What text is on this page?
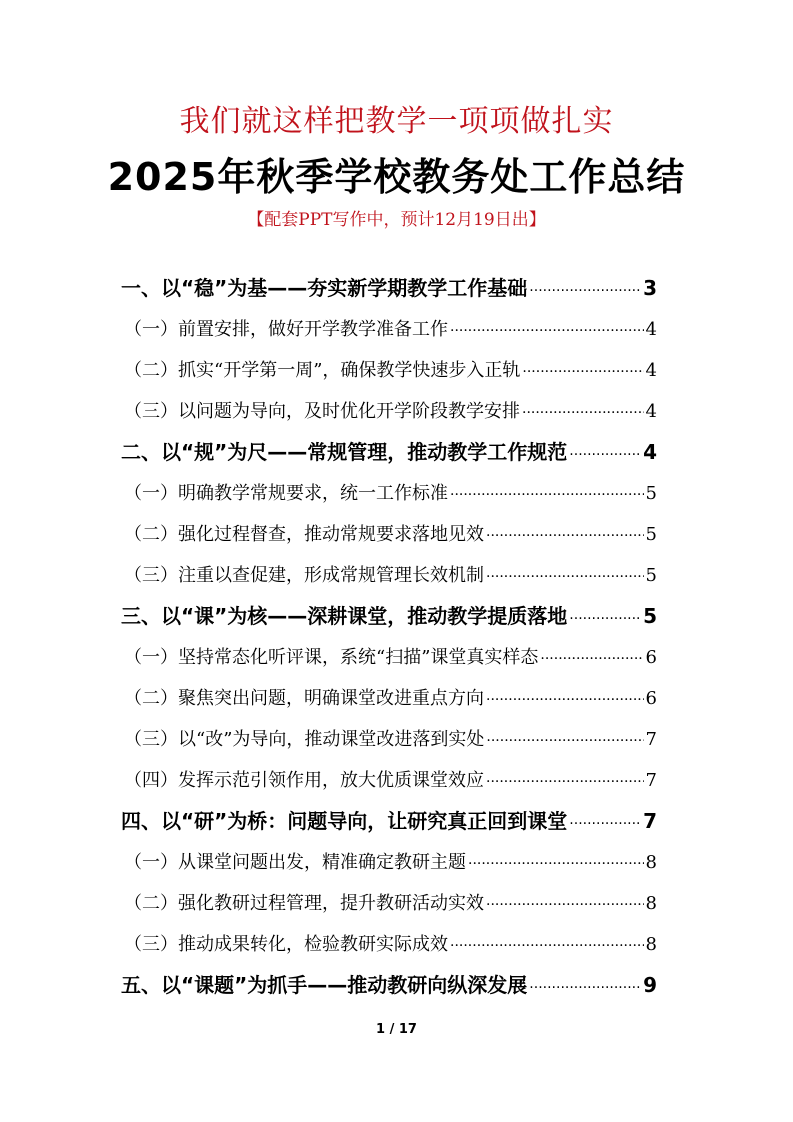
我们就这样把教学一项项做扎实
2025年秋季学校教务处工作总结
【配套PPT写作中，预计12月19日出】
一、以“稳”为基——夯实新学期教学工作基础 ·····	3
（一）前置安排，做好开学教学准备工作 ·····	4
（二）抓实“开学第一周”，确保教学快速步入正轨 ·····	4
（三）以问题为导向，及时优化开学阶段教学安排 ·····	4
二、以“规”为尺——常规管理，推动教学工作规范 ·····	4
（一）明确教学常规要求，统一工作标准 ·····	5
（二）强化过程督查，推动常规要求落地见效 ·····	5
（三）注重以查促建，形成常规管理长效机制 ·····	5
三、以“课”为核——深耕课堂，推动教学提质落地 ·····	5
（一）坚持常态化听评课，系统“扫描”课堂真实样态 ·····	6
（二）聚焦突出问题，明确课堂改进重点方向 ·····	6
（三）以“改”为导向，推动课堂改进落到实处 ·····	7
（四）发挥示范引领作用，放大优质课堂效应 ·····	7
四、以“研”为桥：问题导向，让研究真正回到课堂 ·····	7
（一）从课堂问题出发，精准确定教研主题 ·····	8
（二）强化教研过程管理，提升教研活动实效 ·····	8
（三）推动成果转化，检验教研实际成效 ·····	8
五、以“课题”为抓手——推动教研向纵深发展 ·····	9
1 / 17
